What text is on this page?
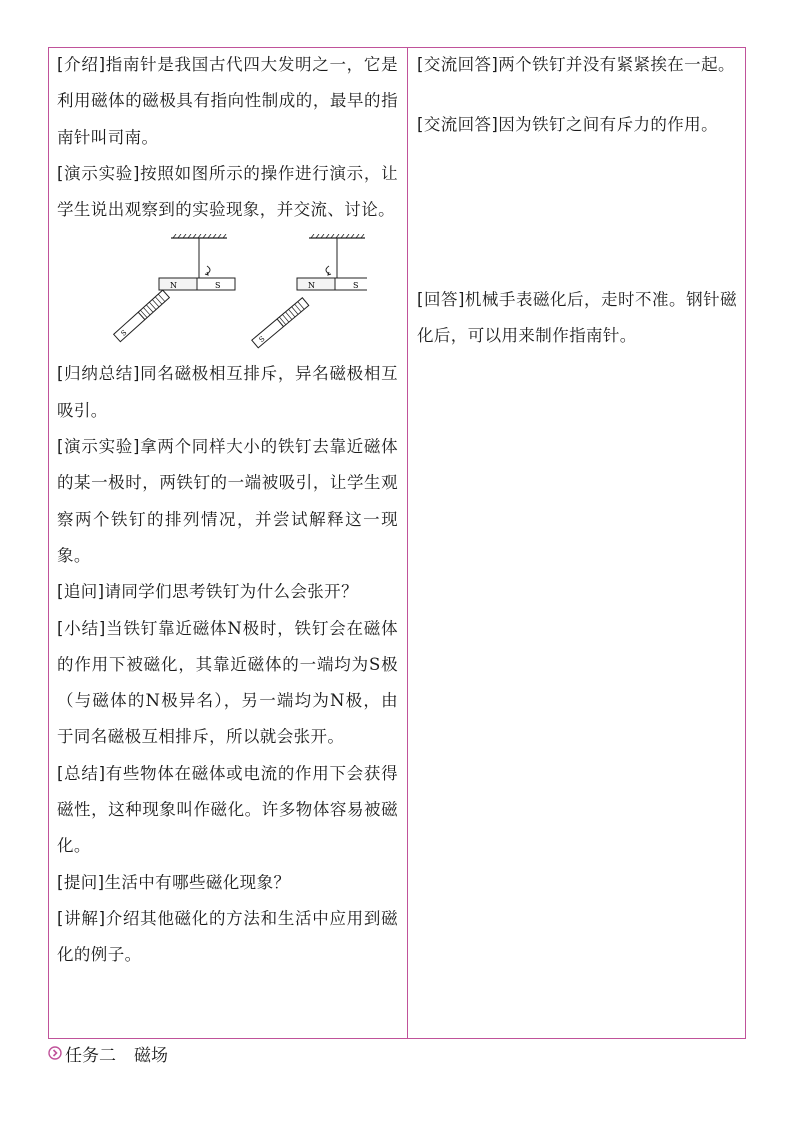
[介绍]指南针是我国古代四大发明之一，它是利用磁体的磁极具有指向性制成的，最早的指南针叫司南。

[演示实验]按照如图所示的操作进行演示，让学生说出观察到的实验现象，并交流、讨论。

N	S
S
N	S
S

[归纳总结]同名磁极相互排斥，异名磁极相互吸引。

[演示实验]拿两个同样大小的铁钉去靠近磁体的某一极时，两铁钉的一端被吸引，让学生观察两个铁钉的排列情况，并尝试解释这一现象。

[追问]请同学们思考铁钉为什么会张开？

[小结]当铁钉靠近磁体N极时，铁钉会在磁体的作用下被磁化，其靠近磁体的一端均为S极（与磁体的N极异名），另一端均为N极，由于同名磁极互相排斥，所以就会张开。

[总结]有些物体在磁体或电流的作用下会获得磁性，这种现象叫作磁化。许多物体容易被磁化。

[提问]生活中有哪些磁化现象？

[讲解]介绍其他磁化的方法和生活中应用到磁化的例子。

[交流回答]两个铁钉并没有紧紧挨在一起。

[交流回答]因为铁钉之间有斥力的作用。

[回答]机械手表磁化后，走时不准。钢针磁化后，可以用来制作指南针。

任务二 磁场
